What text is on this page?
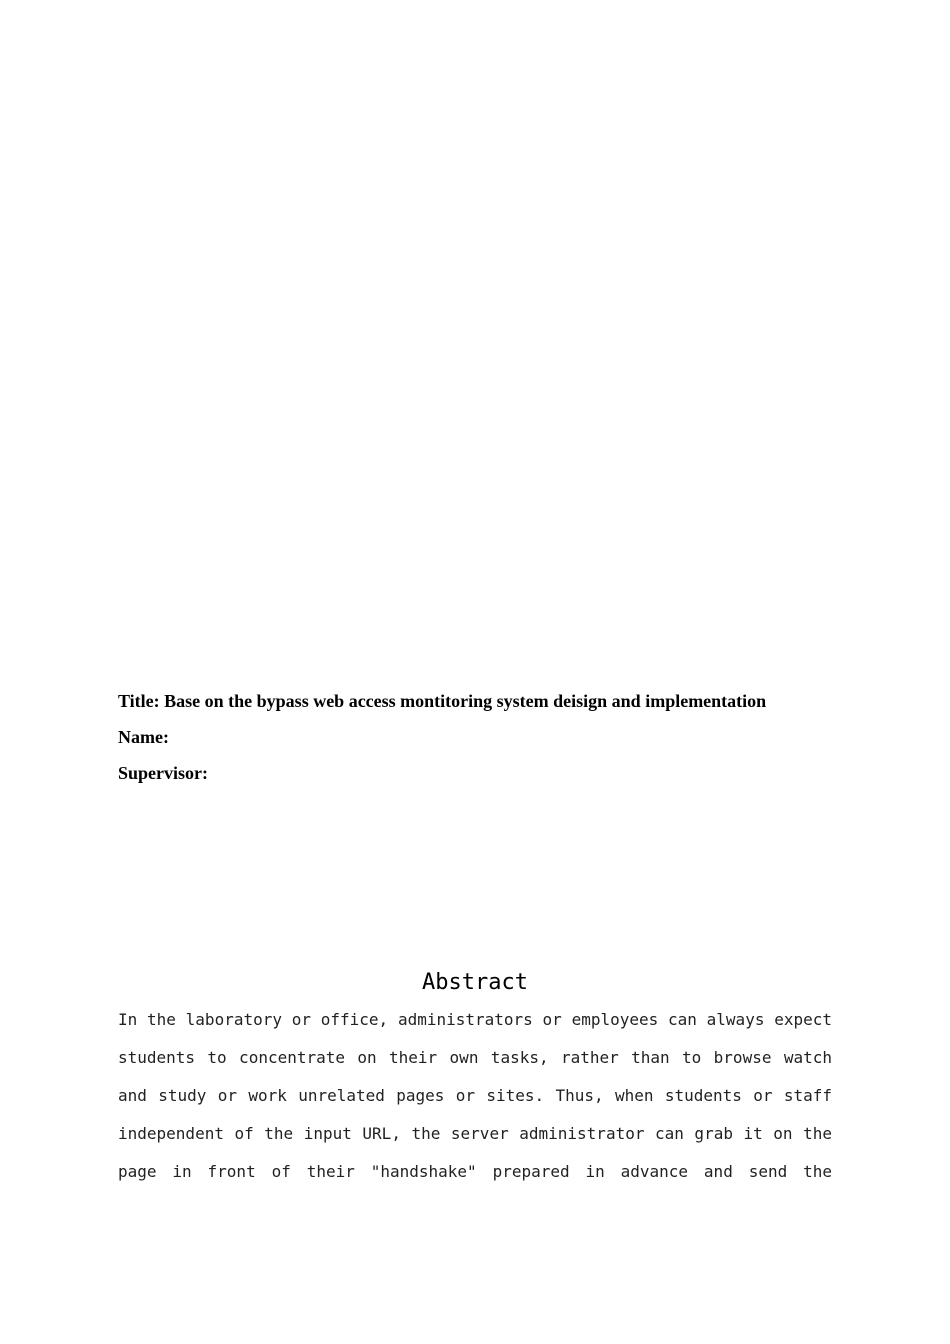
Title: Base on the bypass web access montitoring system deisign and implementation
Name:
Supervisor:
Abstract
In the laboratory or office, administrators or employees can always expect
students to concentrate on their own tasks, rather than to browse watch
and study or work unrelated pages or sites. Thus, when students or staff
independent of the input URL, the server administrator can grab it on the
page in front of their "handshake" prepared in advance and send the
